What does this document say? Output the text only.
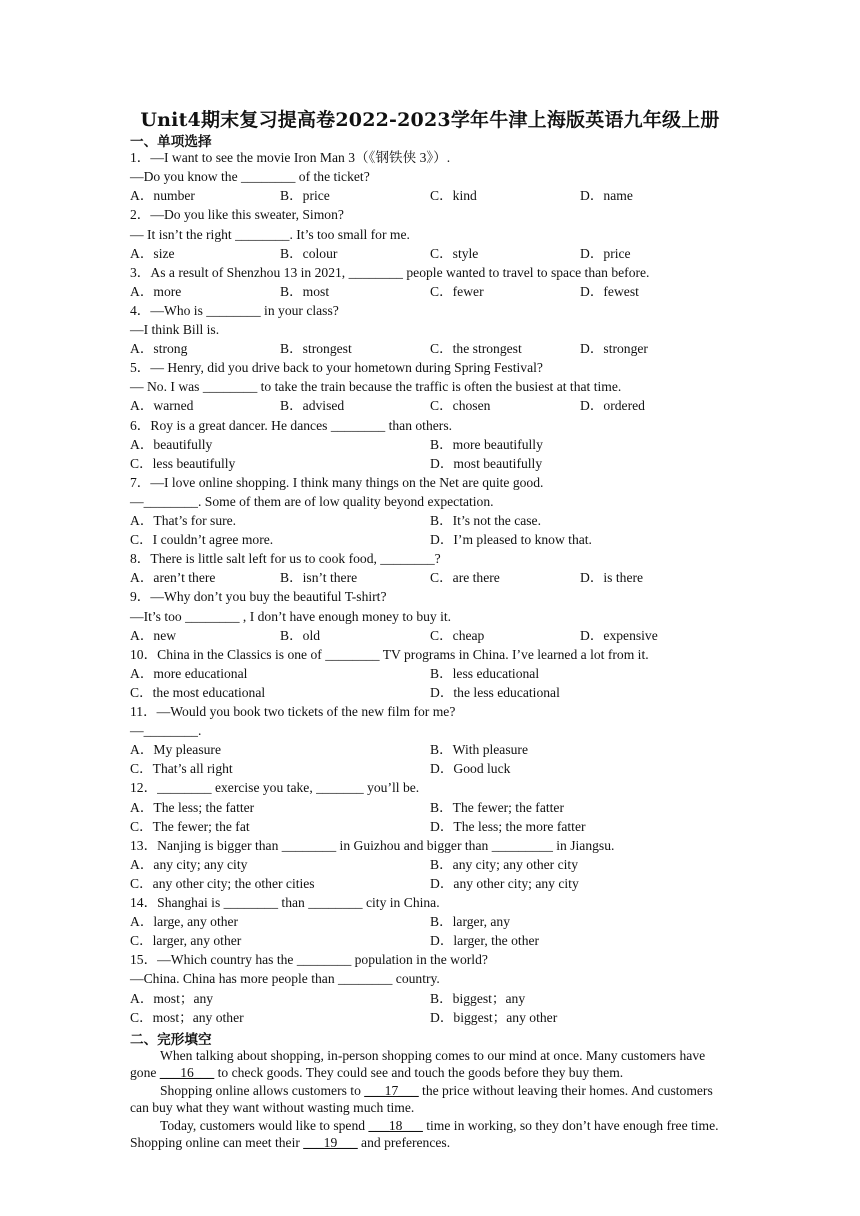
Unit4期末复习提高卷2022-2023学年牛津上海版英语九年级上册
一、单项选择
1．—I want to see the movie Iron Man 3（《钢铁侠 3》）.
—Do you know the ________ of the ticket?
A．number	B．price	C．kind	D．name
2．—Do you like this sweater, Simon?
— It isn’t the right ________. It’s too small for me.
A．size	B．colour	C．style	D．price
3．As a result of Shenzhou 13 in 2021, ________ people wanted to travel to space than before.
A．more	B．most	C．fewer	D．fewest
4．—Who is ________ in your class?
—I think Bill is.
A．strong	B．strongest	C．the strongest	D．stronger
5．— Henry, did you drive back to your hometown during Spring Festival?
— No. I was ________ to take the train because the traffic is often the busiest at that time.
A．warned	B．advised	C．chosen	D．ordered
6．Roy is a great dancer. He dances ________ than others.
A．beautifully	B．more beautifully
C．less beautifully	D．most beautifully
7．—I love online shopping. I think many things on the Net are quite good.
—________. Some of them are of low quality beyond expectation.
A．That’s for sure.	B．It’s not the case.
C．I couldn’t agree more.	D．I’m pleased to know that.
8．There is little salt left for us to cook food, ________?
A．aren’t there	B．isn’t there	C．are there	D．is there
9．—Why don’t you buy the beautiful T-shirt?
—It’s too ________ , I don’t have enough money to buy it.
A．new	B．old	C．cheap	D．expensive
10．China in the Classics is one of ________ TV programs in China. I’ve learned a lot from it.
A．more educational	B．less educational
C．the most educational	D．the less educational
11．—Would you book two tickets of the new film for me?
—________.
A．My pleasure	B．With pleasure
C．That’s all right	D．Good luck
12．________ exercise you take, _______ you’ll be.
A．The less; the fatter	B．The fewer; the fatter
C．The fewer; the fat	D．The less; the more fatter
13．Nanjing is bigger than ________ in Guizhou and bigger than _________ in Jiangsu.
A．any city; any city	B．any city; any other city
C．any other city; the other cities	D．any other city; any city
14．Shanghai is ________ than ________ city in China.
A．large, any other	B．larger, any
C．larger, any other	D．larger, the other
15．—Which country has the ________ population in the world?
—China. China has more people than ________ country.
A．most；any	B．biggest；any
C．most；any other	D．biggest；any other
二、完形填空

When talking about shopping, in-person shopping comes to our mind at once. Many customers have gone ___16___ to check goods. They could see and touch the goods before they buy them.

Shopping online allows customers to ___17___ the price without leaving their homes. And customers can buy what they want without wasting much time.

Today, customers would like to spend ___18___ time in working, so they don’t have enough free time. Shopping online can meet their ___19___ and preferences.
